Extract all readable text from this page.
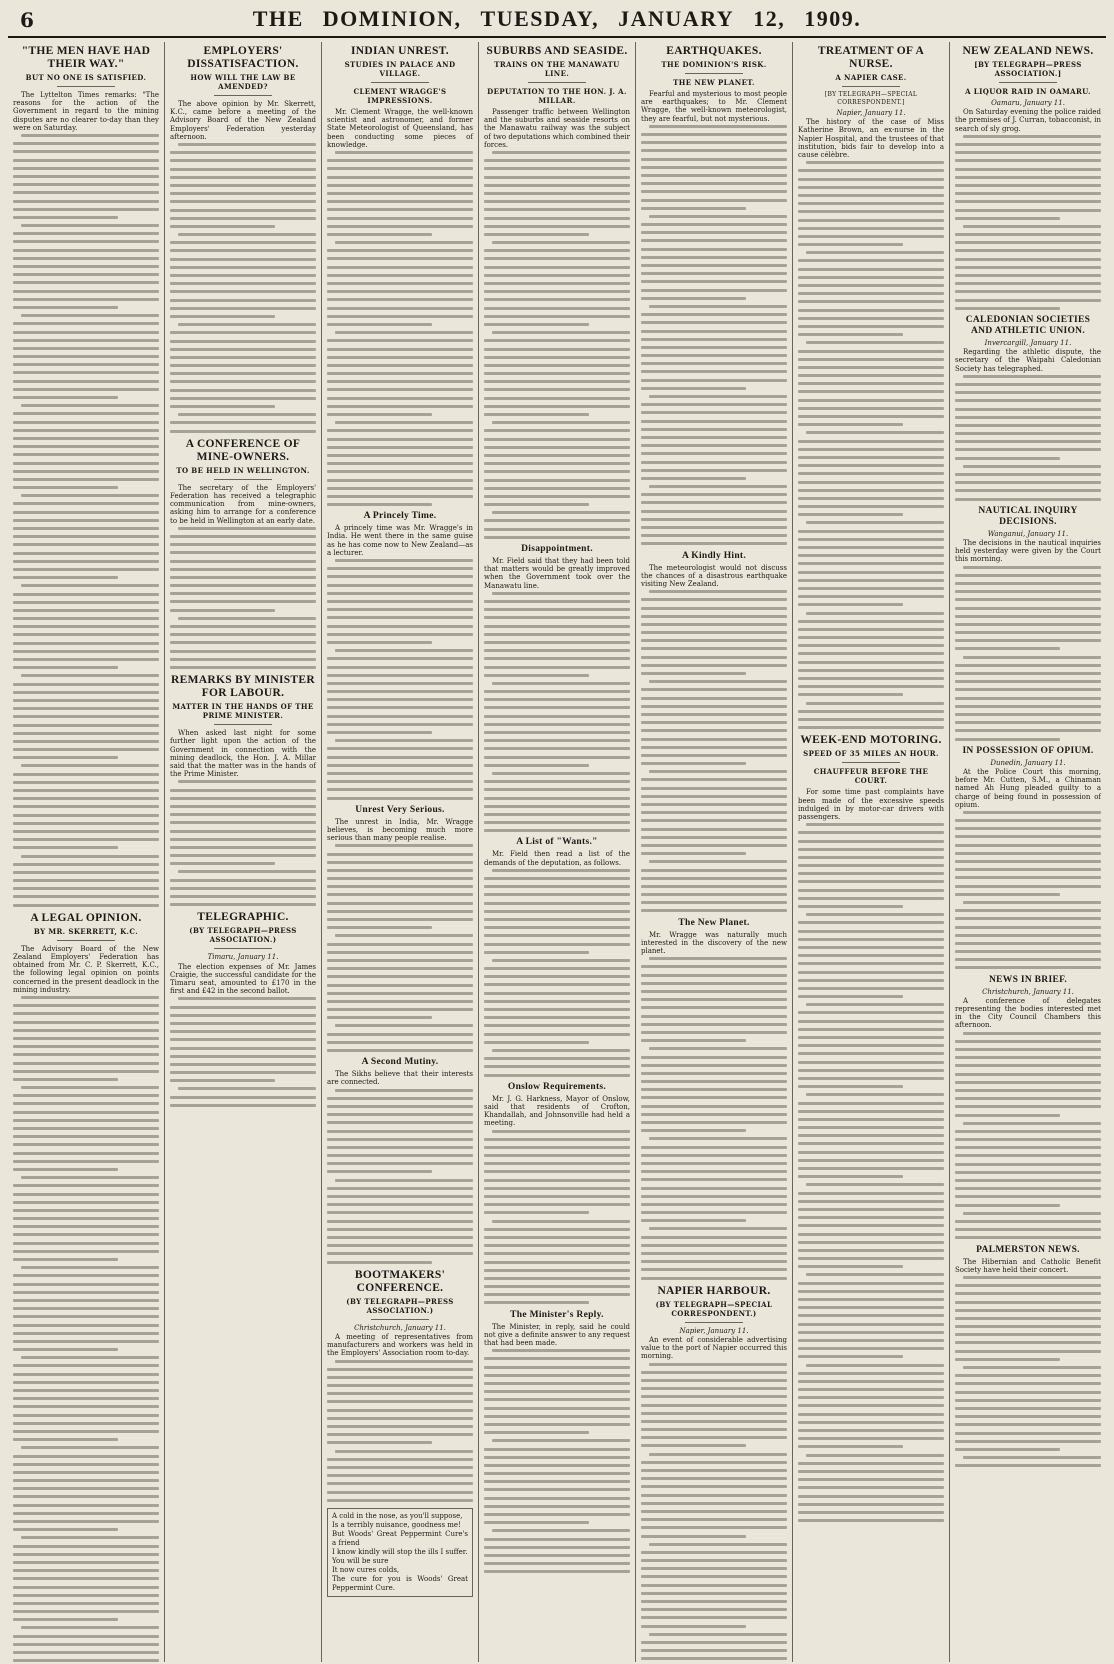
6	THE DOMINION, TUESDAY, JANUARY 12, 1909.
"THE MEN HAVE HAD THEIR WAY."
BUT NO ONE IS SATISFIED.

The Lyttelton Times remarks: "The reasons for the action of the Government in regard to the mining disputes are no clearer to-day than they were on Saturday.

A LEGAL OPINION.
BY MR. SKERRETT, K.C.

The Advisory Board of the New Zealand Employers' Federation has obtained from Mr. C. P. Skerrett, K.C., the following legal opinion on points concerned in the present deadlock in the mining industry.

EMPLOYERS' DISSATISFACTION.
HOW WILL THE LAW BE AMENDED?

The above opinion by Mr. Skerrett, K.C., came before a meeting of the Advisory Board of the New Zealand Employers' Federation yesterday afternoon.

A CONFERENCE OF MINE-OWNERS.
TO BE HELD IN WELLINGTON.

The secretary of the Employers' Federation has received a telegraphic communication from mine-owners, asking him to arrange for a conference to be held in Wellington at an early date.

REMARKS BY MINISTER FOR LABOUR.
MATTER IN THE HANDS OF THE PRIME MINISTER.

When asked last night for some further light upon the action of the Government in connection with the mining deadlock, the Hon. J. A. Millar said that the matter was in the hands of the Prime Minister.

TELEGRAPHIC.
(BY TELEGRAPH—PRESS ASSOCIATION.)
Timaru, January 11.

The election expenses of Mr. James Craigie, the successful candidate for the Timaru seat, amounted to £170 in the first and £42 in the second ballot.

INDIAN UNREST.
STUDIES IN PALACE AND VILLAGE.
CLEMENT WRAGGE'S IMPRESSIONS.

Mr. Clement Wragge, the well-known scientist and astronomer, and former State Meteorologist of Queensland, has been conducting some pieces of knowledge.

A Princely Time.

A princely time was Mr. Wragge's in India. He went there in the same guise as he has come now to New Zealand—as a lecturer.

Unrest Very Serious.

The unrest in India, Mr. Wragge believes, is becoming much more serious than many people realise.

A Second Mutiny.

The Sikhs believe that their interests are connected.

BOOTMAKERS' CONFERENCE.
(BY TELEGRAPH—PRESS ASSOCIATION.)
Christchurch, January 11.

A meeting of representatives from manufacturers and workers was held in the Employers' Association room to-day.

A cold in the nose, as you'll suppose,
Is a terribly nuisance, goodness me!
But Woods' Great Peppermint Cure's a friend
I know kindly will stop the ills I suffer.
You will be sure
It now cures colds,
The cure for you is Woods' Great Peppermint Cure.
SUBURBS AND SEASIDE.
TRAINS ON THE MANAWATU LINE.
DEPUTATION TO THE HON. J. A. MILLAR.

Passenger traffic between Wellington and the suburbs and seaside resorts on the Manawatu railway was the subject of two deputations which combined their forces.

Disappointment.

Mr. Field said that they had been told that matters would be greatly improved when the Government took over the Manawatu line.

A List of "Wants."

Mr. Field then read a list of the demands of the deputation, as follows.

Onslow Requirements.

Mr. J. G. Harkness, Mayor of Onslow, said that residents of Crofton, Khandallah, and Johnsonville had held a meeting.

The Minister's Reply.

The Minister, in reply, said he could not give a definite answer to any request that had been made.

EARTHQUAKES.
THE DOMINION'S RISK.
THE NEW PLANET.

Fearful and mysterious to most people are earthquakes; to Mr. Clement Wragge, the well-known meteorologist, they are fearful, but not mysterious.

A Kindly Hint.

The meteorologist would not discuss the chances of a disastrous earthquake visiting New Zealand.

The New Planet.

Mr. Wragge was naturally much interested in the discovery of the new planet.

NAPIER HARBOUR.
(BY TELEGRAPH—SPECIAL CORRESPONDENT.)
Napier, January 11.

An event of considerable advertising value to the port of Napier occurred this morning.

TREATMENT OF A NURSE.
A NAPIER CASE.
[BY TELEGRAPH—SPECIAL CORRESPONDENT.]
Napier, January 11.

The history of the case of Miss Katherine Brown, an ex-nurse in the Napier Hospital, and the trustees of that institution, bids fair to develop into a cause célèbre.

WEEK-END MOTORING.
SPEED OF 35 MILES AN HOUR.
CHAUFFEUR BEFORE THE COURT.

For some time past complaints have been made of the excessive speeds indulged in by motor-car drivers with passengers.

NEW ZEALAND NEWS.
[BY TELEGRAPH—PRESS ASSOCIATION.]
A LIQUOR RAID IN OAMARU.
Oamaru, January 11.

On Saturday evening the police raided the premises of J. Curran, tobacconist, in search of sly grog.

CALEDONIAN SOCIETIES AND ATHLETIC UNION.
Invercargill, January 11.

Regarding the athletic dispute, the secretary of the Waipahi Caledonian Society has telegraphed.

NAUTICAL INQUIRY DECISIONS.
Wanganui, January 11.

The decisions in the nautical inquiries held yesterday were given by the Court this morning.

IN POSSESSION OF OPIUM.
Dunedin, January 11.

At the Police Court this morning, before Mr. Cutten, S.M., a Chinaman named Ah Hung pleaded guilty to a charge of being found in possession of opium.

NEWS IN BRIEF.
Christchurch, January 11.

A conference of delegates representing the bodies interested met in the City Council Chambers this afternoon.

PALMERSTON NEWS.

The Hibernian and Catholic Benefit Society have held their concert.
